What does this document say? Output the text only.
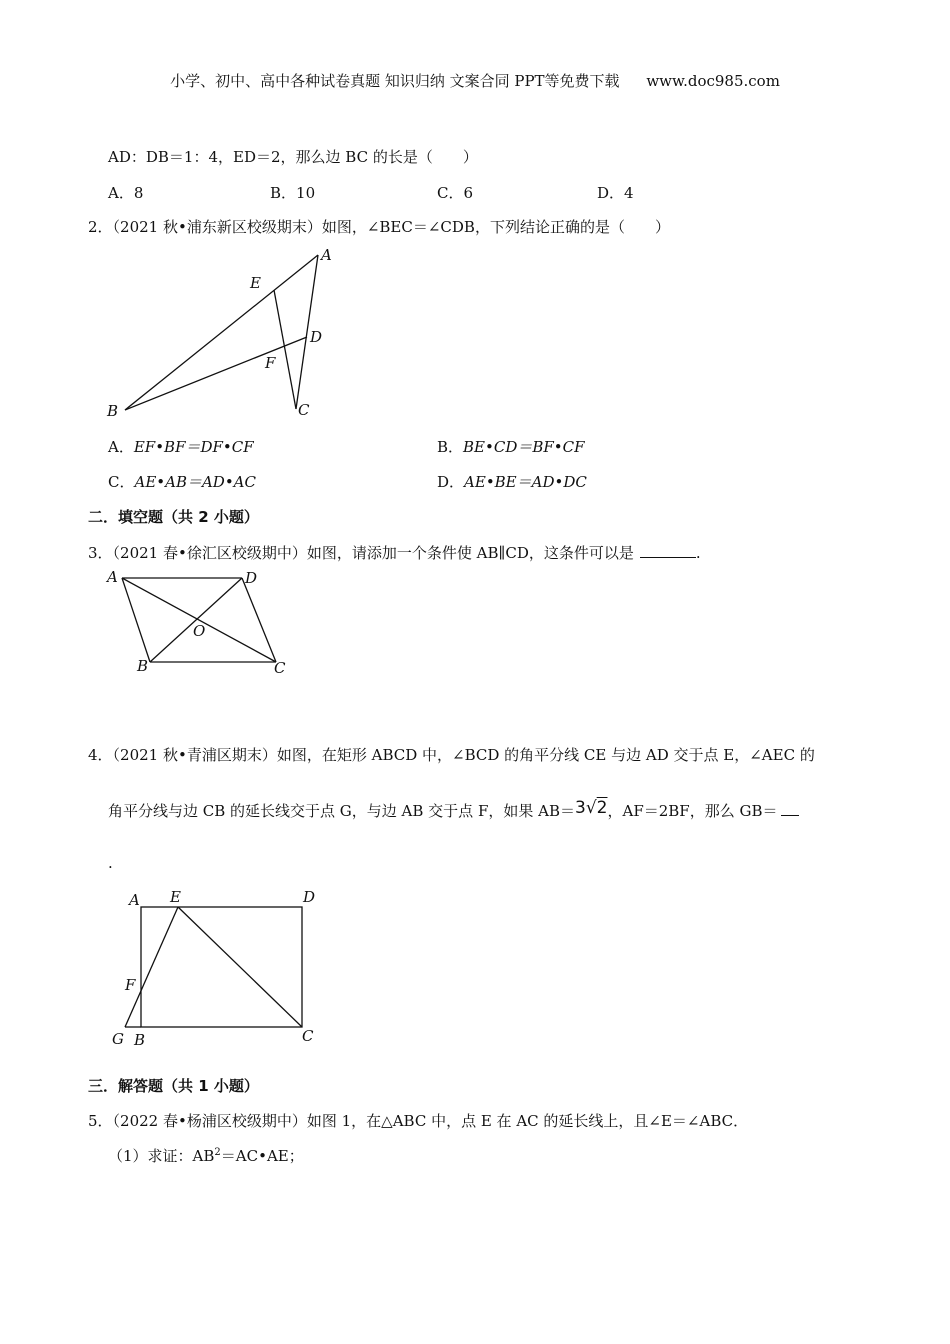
小学、初中、高中各种试卷真题 知识归纳 文案合同 PPT等免费下载 www.doc985.com
AD：DB＝1：4，ED＝2，那么边 BC 的长是（　　）
A．8	B．10	C．6	D．4
2．（2021 秋•浦东新区校级期末）如图，∠BEC＝∠CDB，下列结论正确的是（　　）
A
E
D
F
B	C
A．EF•BF＝DF•CF	B．BE•CD＝BF•CF
C．AE•AB＝AD•AC	D．AE•BE＝AD•DC
二．填空题（共 2 小题）
3．（2021 春•徐汇区校级期中）如图，请添加一个条件使 AB∥CD，这条件可以是	.
A	D
O
B	C
4．（2021 秋•青浦区期末）如图，在矩形 ABCD 中，∠BCD 的角平分线 CE 与边 AD 交于点 E，∠AEC 的
角平分线与边 CB 的延长线交于点 G，与边 AB 交于点 F，如果 AB＝3√2，AF＝2BF，那么 GB＝
.
A E	D
F
G B	C
三．解答题（共 1 小题）
5．（2022 春•杨浦区校级期中）如图 1，在△ABC 中，点 E 在 AC 的延长线上，且∠E＝∠ABC．
（1）求证：$AB^2=AC•AE$；
